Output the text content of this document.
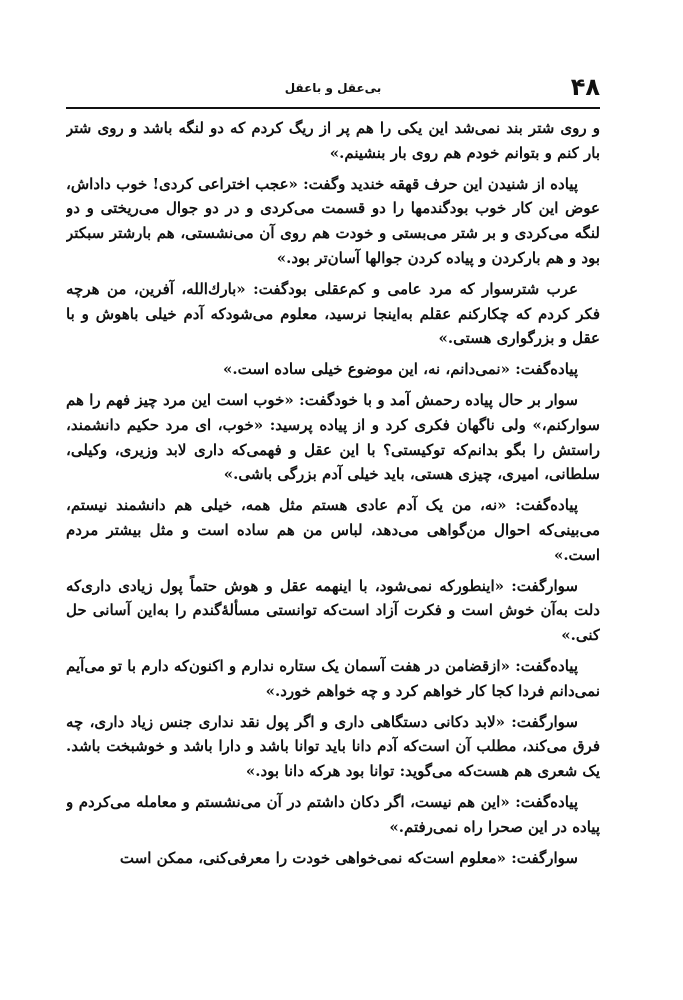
۴۸
بی‌عقل و باعقل

و روی شتر بند نمی‌شد این یکی را هم پر از ریگ کردم که دو لنگه باشد و روی شتر بار کنم و بتوانم خودم هم روی بار بنشینم.»

پیاده از شنیدن این حرف قهقه خندید وگفت: «عجب اختراعی کردی! خوب داداش، عوض این کار خوب بودگندمها را دو قسمت می‌کردی و در دو جوال می‌ریختی و دو لنگه می‌کردی و بر شتر می‌بستی و خودت هم روی آن می‌نشستی، هم بارشتر سبکتر بود و هم بارکردن و پیاده کردن جوالها آسان‌تر بود.»

عرب شترسوار که مرد عامی و کم‌عقلی بودگفت: «بارك‌الله، آفرین، من هرچه فکر کردم که چکارکنم عقلم به‌اینجا نرسید، معلوم می‌شودکه آدم خیلی باهوش و با عقل و بزرگواری هستی.»

پیاده‌گفت: «نمی‌دانم، نه، این موضوع خیلی ساده است.»

سوار بر حال پیاده رحمش آمد و با خودگفت: «خوب است این مرد چیز فهم را هم سوارکنم،» ولی ناگهان فکری کرد و از پیاده پرسید: «خوب، ای مرد حکیم دانشمند، راستش را بگو بدانم‌که توکیستی؟ با این عقل و فهمی‌که داری لابد وزیری، وکیلی، سلطانی، امیری، چیزی هستی، باید خیلی آدم بزرگی باشی.»

پیاده‌گفت: «نه، من یک آدم عادی هستم مثل همه، خیلی هم دانشمند نیستم، می‌بینی‌که احوال من‌گواهی می‌دهد، لباس من هم ساده است و مثل بیشتر مردم است.»

سوارگفت: «اینطورکه نمی‌شود، با اینهمه عقل و هوش حتماً پول زیادی داری‌که دلت به‌آن خوش است و فکرت آزاد است‌که توانستی مسألهٔ‌گندم را به‌این آسانی حل کنی.»

پیاده‌گفت: «ازقضامن در هفت آسمان یک ستاره ندارم و اکنون‌که دارم با تو می‌آیم نمی‌دانم فردا کجا کار خواهم کرد و چه خواهم خورد.»

سوارگفت: «لابد دکانی دستگاهی داری و اگر پول نقد نداری جنس زیاد داری، چه فرق می‌کند، مطلب آن است‌که آدم دانا باید توانا باشد و دارا باشد و خوشبخت باشد. یک شعری هم هست‌که می‌گوید: توانا بود هرکه دانا بود.»

پیاده‌گفت: «این هم نیست، اگر دکان داشتم در آن می‌نشستم و معامله می‌کردم و پیاده در این صحرا راه نمی‌رفتم.»

سوارگفت: «معلوم است‌که نمی‌خواهی خودت را معرفی‌کنی، ممکن است
